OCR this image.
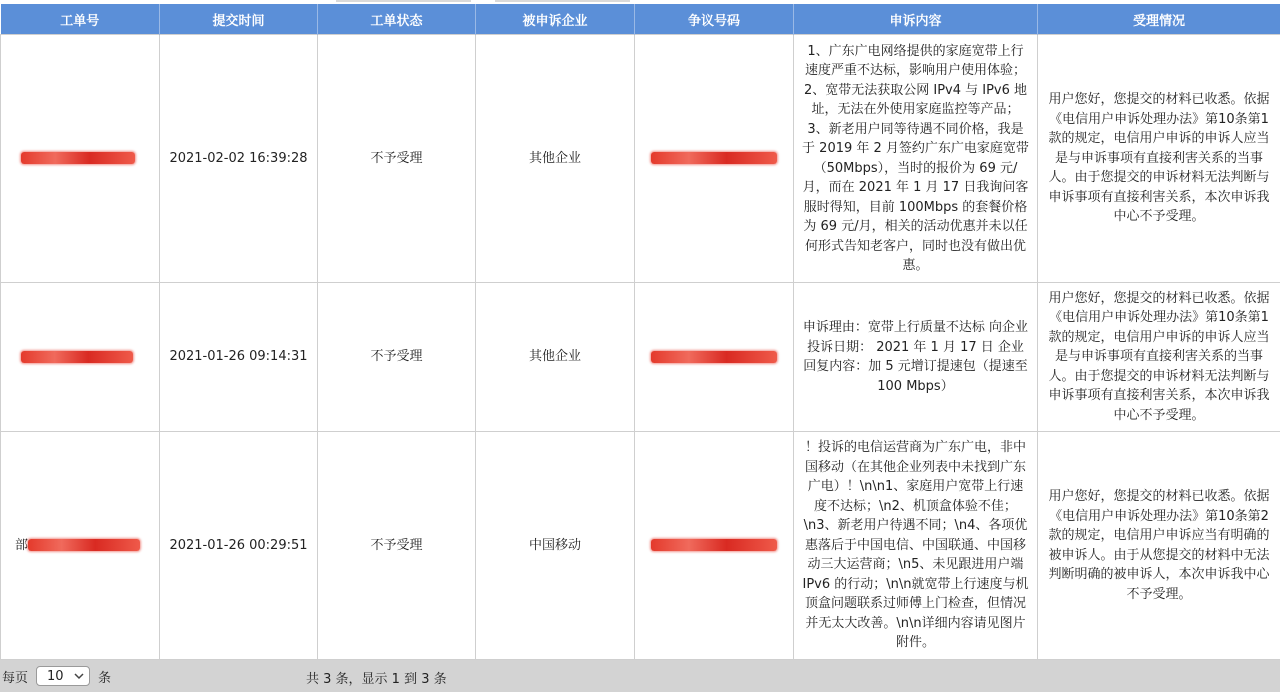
工单号	提交时间	工单状态	被申诉企业	争议号码	申诉内容	受理情况
	2021-02-02 16:39:28	不予受理	其他企业		1、广东广电网络提供的家庭宽带上行速度严重不达标，影响用户使用体验；2、宽带无法获取公网 IPv4 与 IPv6 地址，无法在外使用家庭监控等产品；3、新老用户同等待遇不同价格，我是于 2019 年 2 月签约广东广电家庭宽带（50Mbps），当时的报价为 69 元/月，而在 2021 年 1 月 17 日我询问客服时得知，目前 100Mbps 的套餐价格为 69 元/月，相关的活动优惠并未以任何形式告知老客户，同时也没有做出优惠。	用户您好，您提交的材料已收悉。依据《电信用户申诉处理办法》第10条第1款的规定，电信用户申诉的申诉人应当是与申诉事项有直接利害关系的当事人。由于您提交的申诉材料无法判断与申诉事项有直接利害关系，本次申诉我中心不予受理。
	2021-01-26 09:14:31	不予受理	其他企业		申诉理由：宽带上行质量不达标 向企业投诉日期： 2021 年 1 月 17 日 企业回复内容：加 5 元增订提速包（提速至 100 Mbps）	用户您好，您提交的材料已收悉。依据《电信用户申诉处理办法》第10条第1款的规定，电信用户申诉的申诉人应当是与申诉事项有直接利害关系的当事人。由于您提交的申诉材料无法判断与申诉事项有直接利害关系，本次申诉我中心不予受理。
部	2021-01-26 00:29:51	不予受理	中国移动		！投诉的电信运营商为广东广电，非中国移动（在其他企业列表中未找到广东广电）！\n\n1、家庭用户宽带上行速度不达标；\n2、机顶盒体验不佳；\n3、新老用户待遇不同；\n4、各项优惠落后于中国电信、中国联通、中国移动三大运营商；\n5、未见跟进用户端 IPv6 的行动；\n\n就宽带上行速度与机顶盒问题联系过师傅上门检查，但情况并无太大改善。\n\n详细内容请见图片附件。	用户您好，您提交的材料已收悉。依据《电信用户申诉处理办法》第10条第2款的规定，电信用户申诉应当有明确的被申诉人。由于从您提交的材料中无法判断明确的被申诉人，本次申诉我中心不予受理。
每页 10	条	共 3 条，显示 1 到 3 条
